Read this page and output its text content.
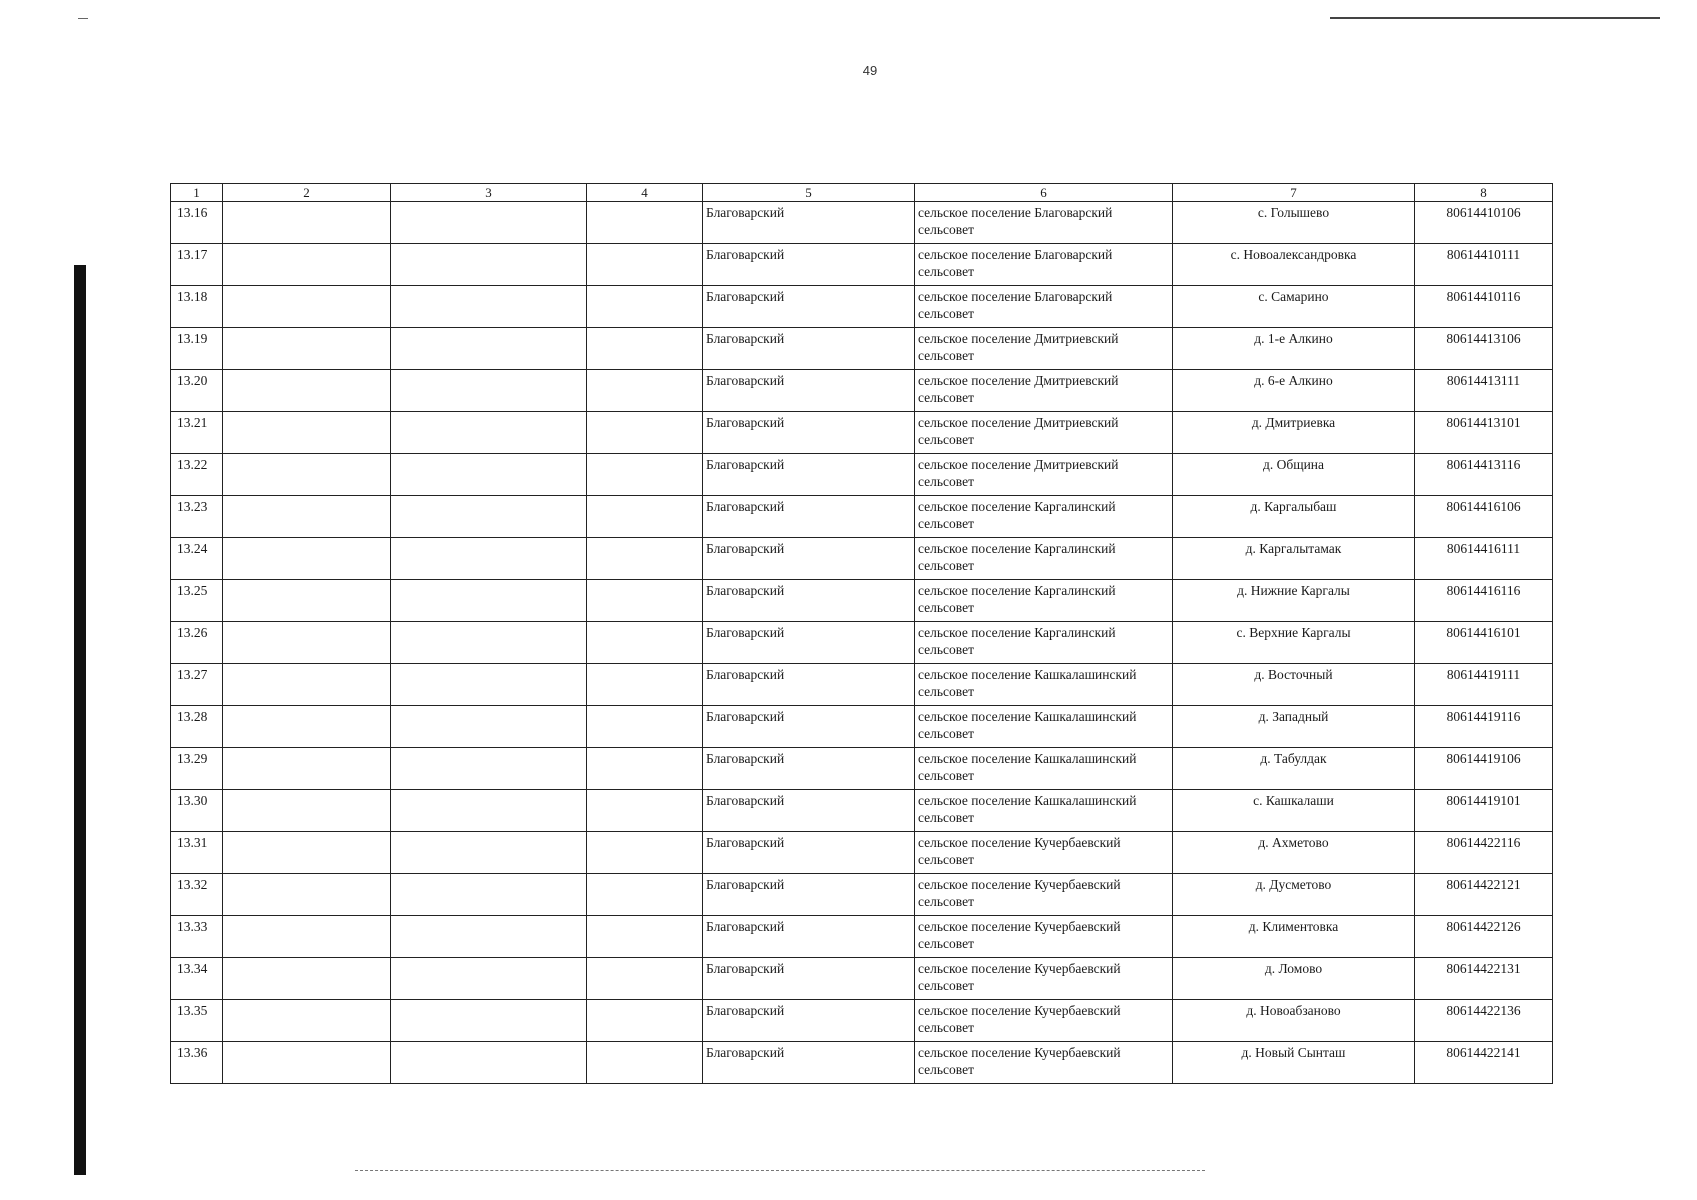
49
1	2	3	4	5	6	7	8
13.16				Благоварский	сельское поселение Благоварский сельсовет	с. Голышево	80614410106
13.17				Благоварский	сельское поселение Благоварский сельсовет	с. Новоалександровка	80614410111
13.18				Благоварский	сельское поселение Благоварский сельсовет	с. Самарино	80614410116
13.19				Благоварский	сельское поселение Дмитриевский сельсовет	д. 1-е Алкино	80614413106
13.20				Благоварский	сельское поселение Дмитриевский сельсовет	д. 6-е Алкино	80614413111
13.21				Благоварский	сельское поселение Дмитриевский сельсовет	д. Дмитриевка	80614413101
13.22				Благоварский	сельское поселение Дмитриевский сельсовет	д. Община	80614413116
13.23				Благоварский	сельское поселение Каргалинский сельсовет	д. Каргалыбаш	80614416106
13.24				Благоварский	сельское поселение Каргалинский сельсовет	д. Каргалытамак	80614416111
13.25				Благоварский	сельское поселение Каргалинский сельсовет	д. Нижние Каргалы	80614416116
13.26				Благоварский	сельское поселение Каргалинский сельсовет	с. Верхние Каргалы	80614416101
13.27				Благоварский	сельское поселение Кашкалашинский сельсовет	д. Восточный	80614419111
13.28				Благоварский	сельское поселение Кашкалашинский сельсовет	д. Западный	80614419116
13.29				Благоварский	сельское поселение Кашкалашинский сельсовет	д. Табулдак	80614419106
13.30				Благоварский	сельское поселение Кашкалашинский сельсовет	с. Кашкалаши	80614419101
13.31				Благоварский	сельское поселение Кучербаевский сельсовет	д. Ахметово	80614422116
13.32				Благоварский	сельское поселение Кучербаевский сельсовет	д. Дусметово	80614422121
13.33				Благоварский	сельское поселение Кучербаевский сельсовет	д. Климентовка	80614422126
13.34				Благоварский	сельское поселение Кучербаевский сельсовет	д. Ломово	80614422131
13.35				Благоварский	сельское поселение Кучербаевский сельсовет	д. Новоабзаново	80614422136
13.36				Благоварский	сельское поселение Кучербаевский сельсовет	д. Новый Сынташ	80614422141
